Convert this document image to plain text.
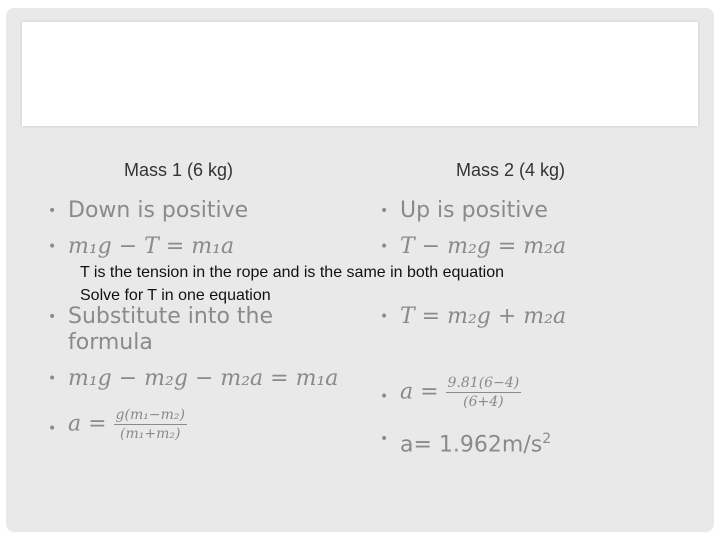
Mass 1 (6 kg)	Mass 2 (4 kg)
• Down is positive
• m₁g − T = m₁a
T is the tension in the rope and is the same in both equation
Solve for T in one equation
• Substitute into the formula
• m₁g − m₂g − m₂a = m₁a
• $a = \frac{\text{g(m₁−m₂)}}{\text{(m₁+m₂)}}$
• Up is positive
• T − m₂g = m₂a
• T = m₂g + m₂a
• $a = \frac{9.81(6-4)}{(6+4)}$
• $a= 1.962m/s^2$
